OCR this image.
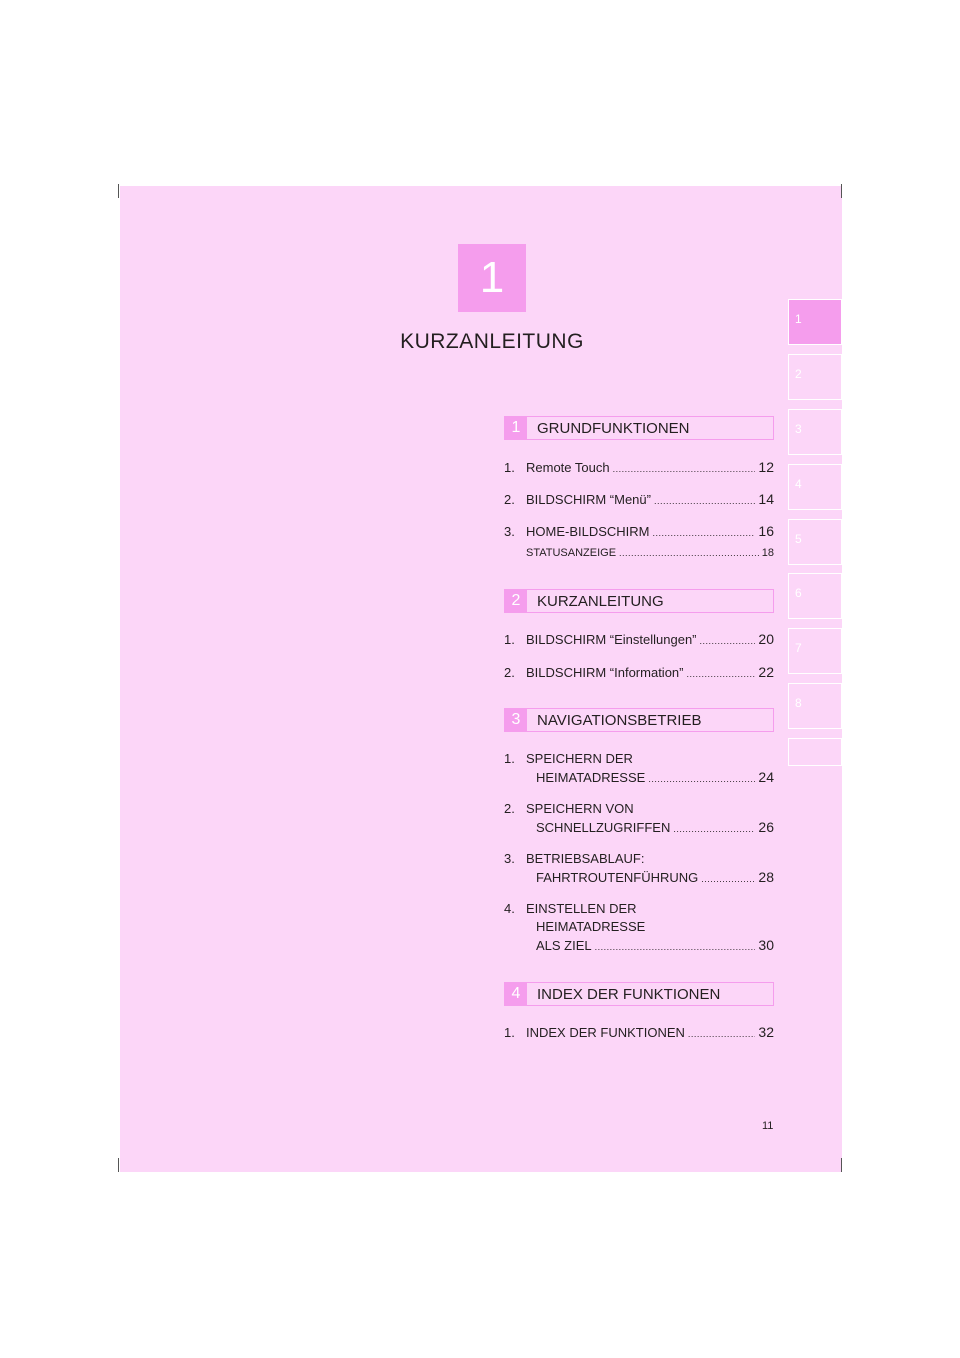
1
KURZANLEITUNG
1
2
3
4
5
6
7
8
1	GRUNDFUNKTIONEN
1. Remote Touch .....	12
2. BILDSCHIRM “Menü” .....	14
3. HOME-BILDSCHIRM .....	16
STATUSANZEIGE .....	18
2	KURZANLEITUNG
1. BILDSCHIRM “Einstellungen” .....	20
2. BILDSCHIRM “Information” .....	22
3	NAVIGATIONSBETRIEB
1. SPEICHERN DER
HEIMATADRESSE .....	24
2. SPEICHERN VON
SCHNELLZUGRIFFEN .....	26
3. BETRIEBSABLAUF:
FAHRTROUTENFÜHRUNG .....	28
4. EINSTELLEN DER
HEIMATADRESSE
ALS ZIEL .....	30
4	INDEX DER FUNKTIONEN
1. INDEX DER FUNKTIONEN .....	32
11
